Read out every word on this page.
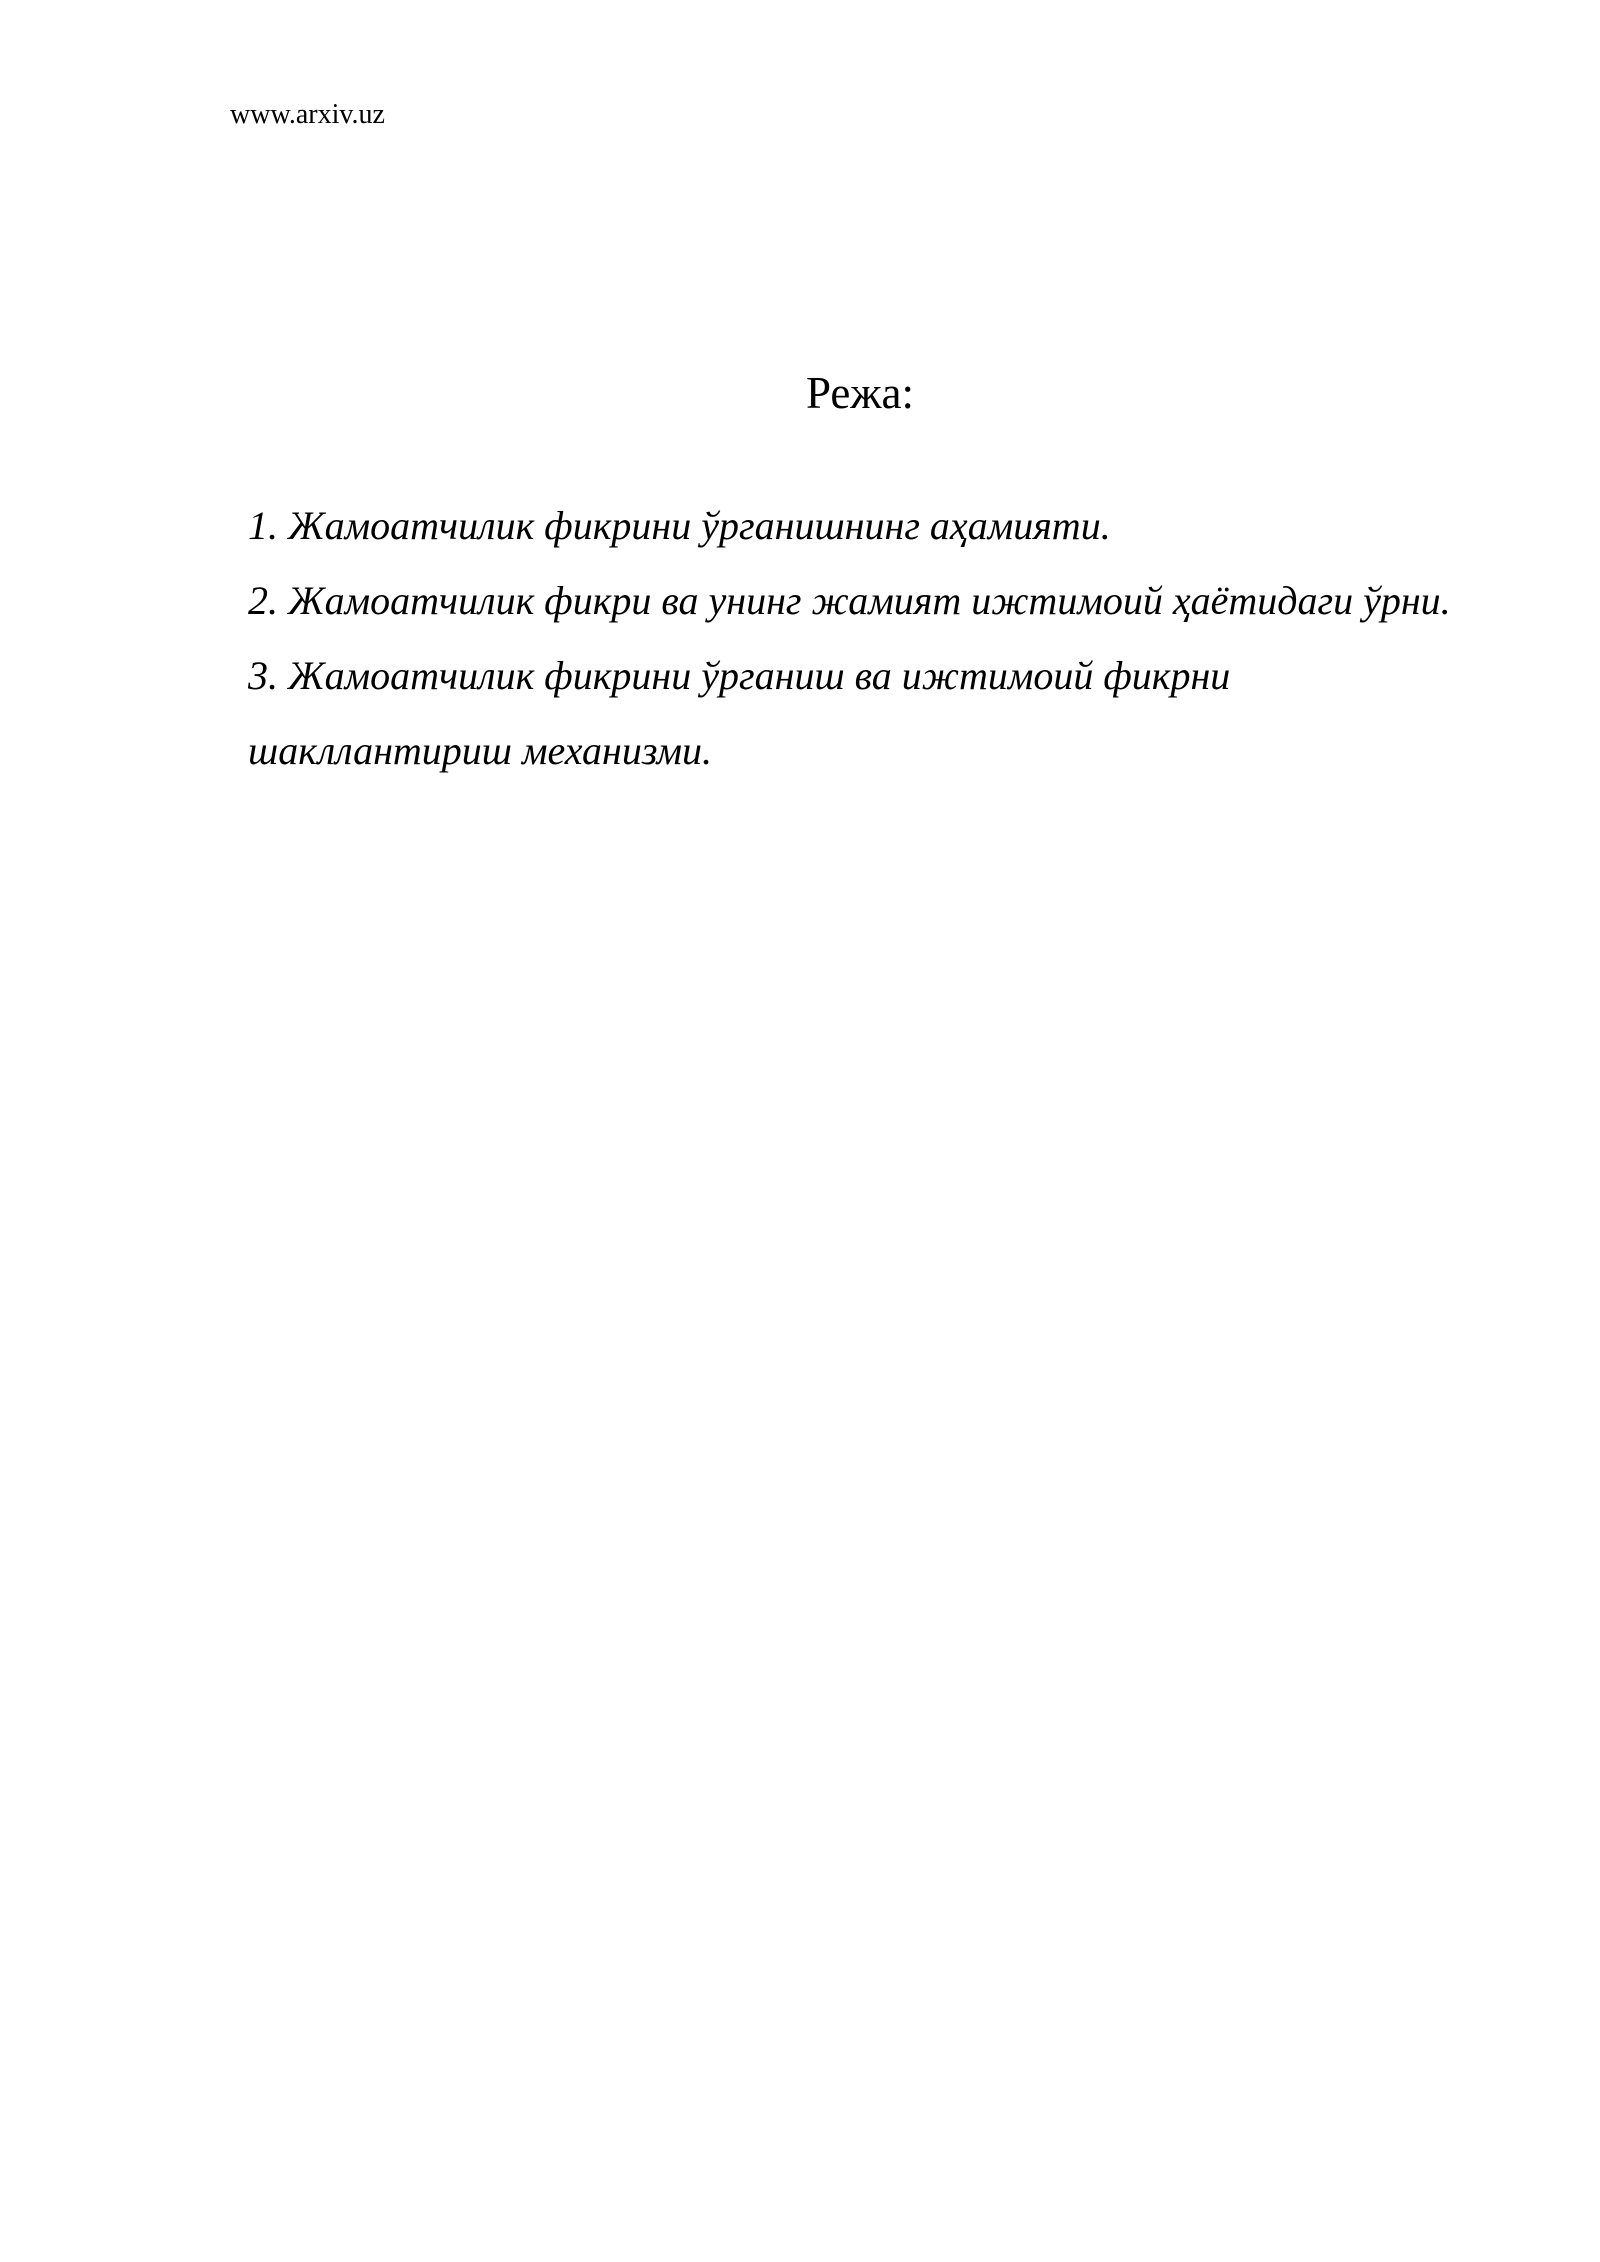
www.arxiv.uz
Режа:
1. Жамоатчилик фикрини ўрганишнинг аҳамияти.
2. Жамоатчилик фикри ва унинг жамият ижтимоий ҳаётидаги ўрни.
3. Жамоатчилик фикрини ўрганиш ва ижтимоий фикрни шакллантириш механизми.
